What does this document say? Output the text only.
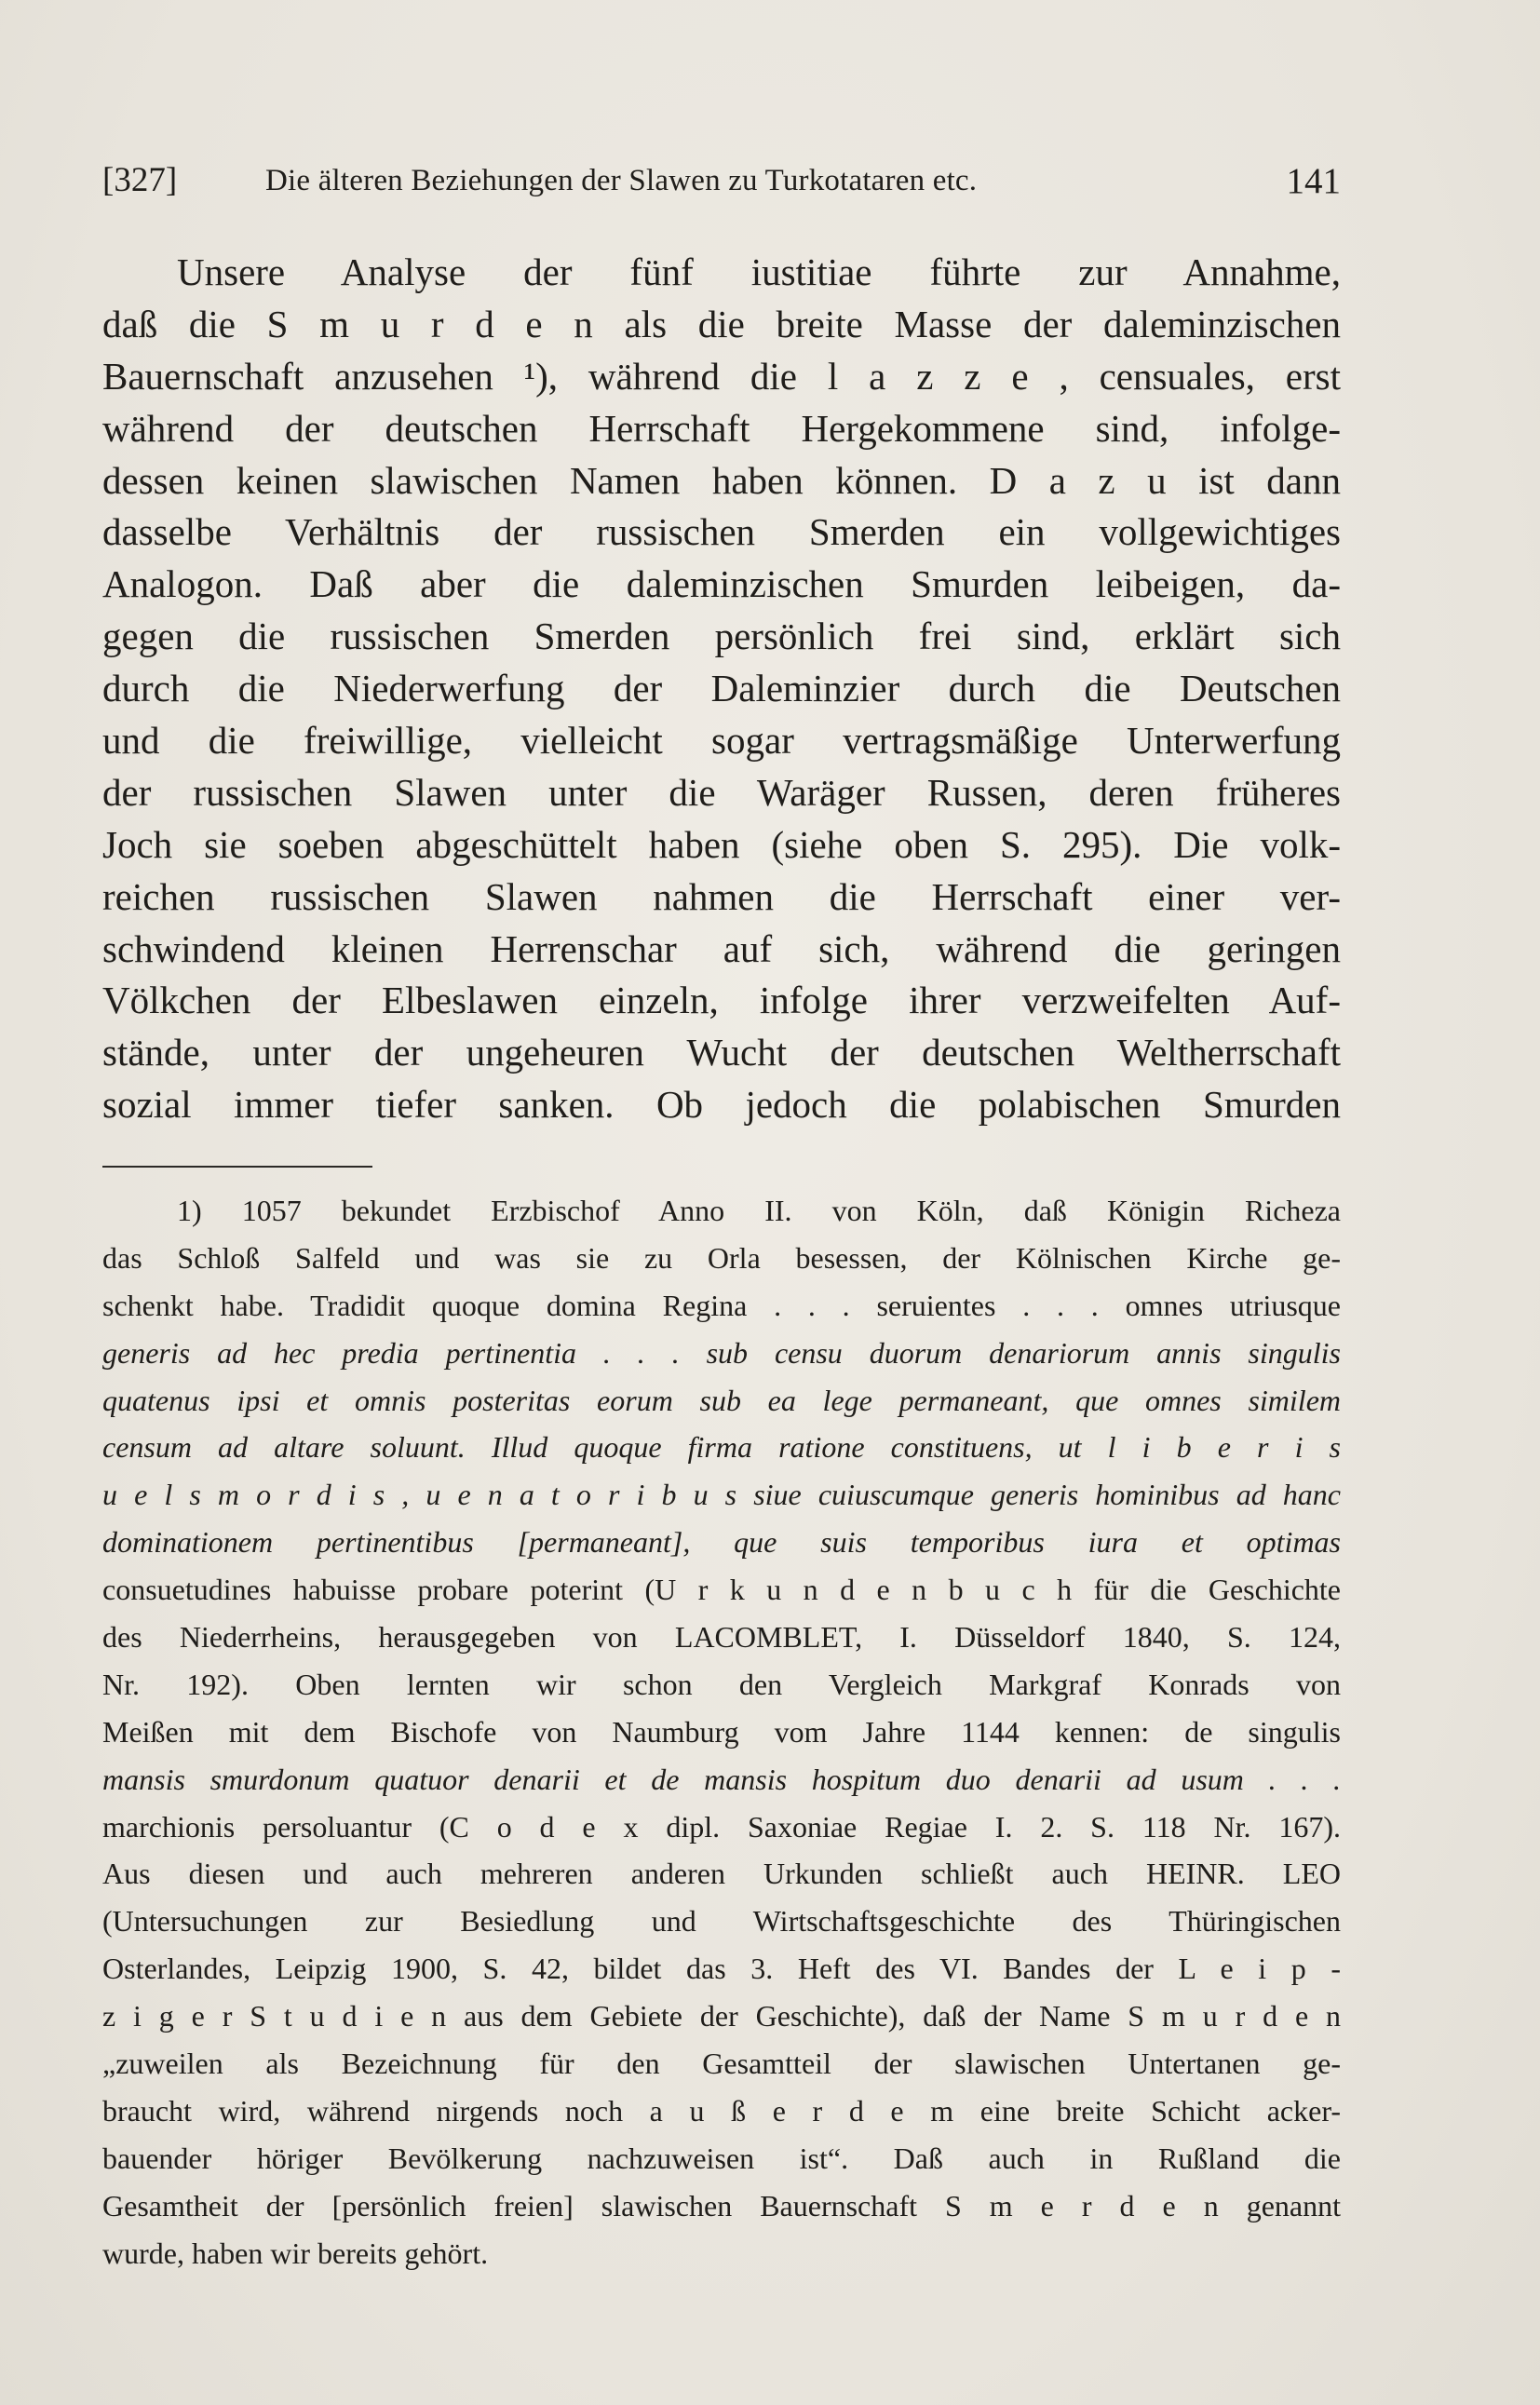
[327]	Die älteren Beziehungen der Slawen zu Turkotataren etc.	141
Unsere Analyse der fünf iustitiae führte zur Annahme,
daß die S m u r d e n als die breite Masse der daleminzischen
Bauernschaft anzusehen ¹), während die l a z z e , censuales, erst
während der deutschen Herrschaft Hergekommene sind, infolge-
dessen keinen slawischen Namen haben können. D a z u ist dann
dasselbe Verhältnis der russischen Smerden ein vollgewichtiges
Analogon. Daß aber die daleminzischen Smurden leibeigen, da-
gegen die russischen Smerden persönlich frei sind, erklärt sich
durch die Niederwerfung der Daleminzier durch die Deutschen
und die freiwillige, vielleicht sogar vertragsmäßige Unterwerfung
der russischen Slawen unter die Waräger Russen, deren früheres
Joch sie soeben abgeschüttelt haben (siehe oben S. 295). Die volk-
reichen russischen Slawen nahmen die Herrschaft einer ver-
schwindend kleinen Herrenschar auf sich, während die geringen
Völkchen der Elbeslawen einzeln, infolge ihrer verzweifelten Auf-
stände, unter der ungeheuren Wucht der deutschen Weltherrschaft
sozial immer tiefer sanken. Ob jedoch die polabischen Smurden
1) 1057 bekundet Erzbischof Anno II. von Köln, daß Königin Richeza
das Schloß Salfeld und was sie zu Orla besessen, der Kölnischen Kirche ge-
schenkt habe. Tradidit quoque domina Regina . . . seruientes . . . omnes utriusque
generis ad hec predia pertinentia . . . sub censu duorum denariorum annis singulis
quatenus ipsi et omnis posteritas eorum sub ea lege permaneant, que omnes similem
censum ad altare soluunt. Illud quoque firma ratione constituens, ut l i b e r i s
u e l s m o r d i s , u e n a t o r i b u s siue cuiuscumque generis hominibus ad hanc
dominationem pertinentibus [permaneant], que suis temporibus iura et optimas
consuetudines habuisse probare poterint (U r k u n d e n b u c h für die Geschichte
des Niederrheins, herausgegeben von LACOMBLET, I. Düsseldorf 1840, S. 124,
Nr. 192). Oben lernten wir schon den Vergleich Markgraf Konrads von
Meißen mit dem Bischofe von Naumburg vom Jahre 1144 kennen: de singulis
mansis smurdonum quatuor denarii et de mansis hospitum duo denarii ad usum . . .
marchionis persoluantur (C o d e x dipl. Saxoniae Regiae I. 2. S. 118 Nr. 167).
Aus diesen und auch mehreren anderen Urkunden schließt auch HEINR. LEO
(Untersuchungen zur Besiedlung und Wirtschaftsgeschichte des Thüringischen
Osterlandes, Leipzig 1900, S. 42, bildet das 3. Heft des VI. Bandes der L e i p -
z i g e r S t u d i e n aus dem Gebiete der Geschichte), daß der Name S m u r d e n
„zuweilen als Bezeichnung für den Gesamtteil der slawischen Untertanen ge-
braucht wird, während nirgends noch a u ß e r d e m eine breite Schicht acker-
bauender höriger Bevölkerung nachzuweisen ist“. Daß auch in Rußland die
Gesamtheit der [persönlich freien] slawischen Bauernschaft S m e r d e n genannt
wurde, haben wir bereits gehört.
